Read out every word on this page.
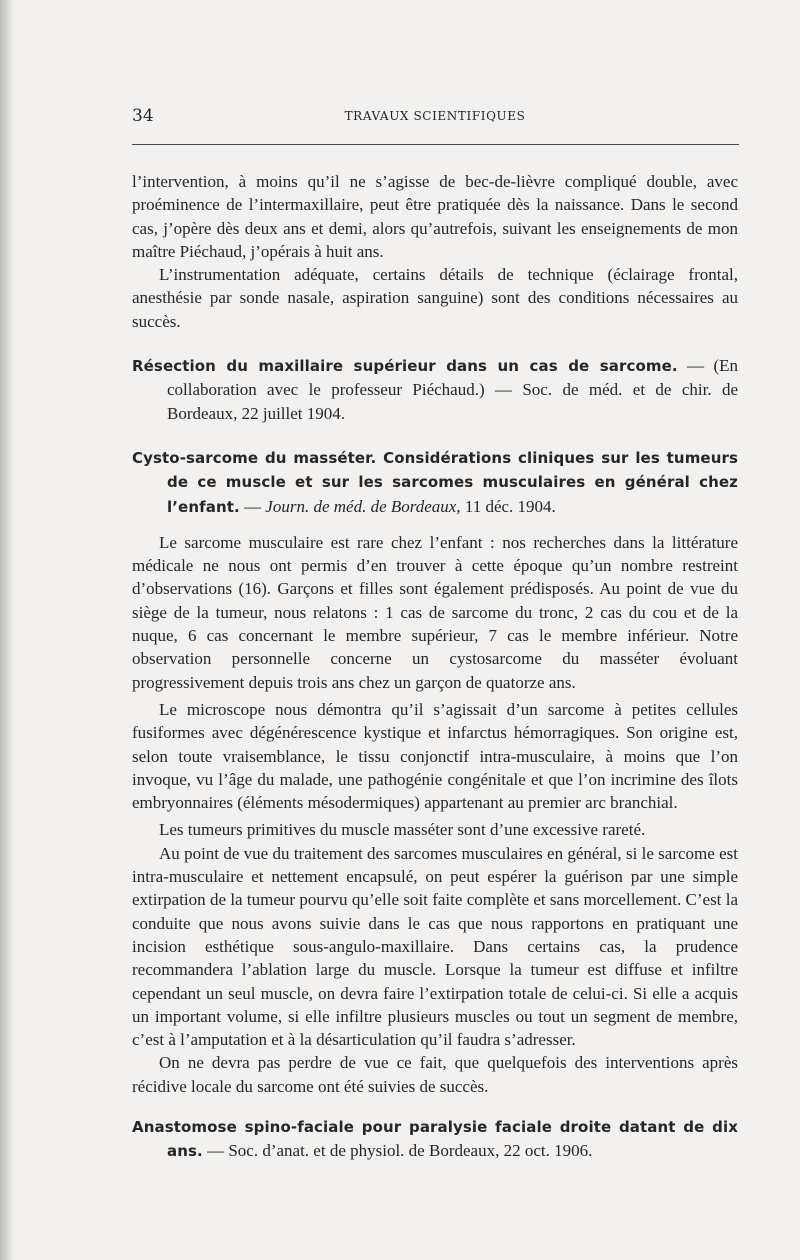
34	TRAVAUX SCIENTIFIQUES

l’intervention, à moins qu’il ne s’agisse de bec-de-lièvre compliqué double, avec proéminence de l’intermaxillaire, peut être pratiquée dès la naissance. Dans le second cas, j’opère dès deux ans et demi, alors qu’autrefois, suivant les enseignements de mon maître Piéchaud, j’opérais à huit ans.

L’instrumentation adéquate, certains détails de technique (éclairage frontal, anesthésie par sonde nasale, aspiration sanguine) sont des conditions nécessaires au succès.

Résection du maxillaire supérieur dans un cas de sarcome. — (En collaboration avec le professeur Piéchaud.) — Soc. de méd. et de chir. de Bordeaux, 22 juillet 1904.

Cysto-sarcome du masséter. Considérations cliniques sur les tumeurs de ce muscle et sur les sarcomes musculaires en général chez l’enfant. — Journ. de méd. de Bordeaux, 11 déc. 1904.

Le sarcome musculaire est rare chez l’enfant : nos recherches dans la littérature médicale ne nous ont permis d’en trouver à cette époque qu’un nombre restreint d’observations (16). Garçons et filles sont également prédisposés. Au point de vue du siège de la tumeur, nous relatons : 1 cas de sarcome du tronc, 2 cas du cou et de la nuque, 6 cas concernant le membre supérieur, 7 cas le membre inférieur. Notre observation personnelle concerne un cystosarcome du masséter évoluant progressivement depuis trois ans chez un garçon de quatorze ans.

Le microscope nous démontra qu’il s’agissait d’un sarcome à petites cellules fusiformes avec dégénérescence kystique et infarctus hémorragiques. Son origine est, selon toute vraisemblance, le tissu conjonctif intra-musculaire, à moins que l’on invoque, vu l’âge du malade, une pathogénie congénitale et que l’on incrimine des îlots embryonnaires (éléments mésodermiques) appartenant au premier arc branchial.

Les tumeurs primitives du muscle masséter sont d’une excessive rareté.

Au point de vue du traitement des sarcomes musculaires en général, si le sarcome est intra-musculaire et nettement encapsulé, on peut espérer la guérison par une simple extirpation de la tumeur pourvu qu’elle soit faite complète et sans morcellement. C’est la conduite que nous avons suivie dans le cas que nous rapportons en pratiquant une incision esthétique sous-angulo-maxillaire. Dans certains cas, la prudence recommandera l’ablation large du muscle. Lorsque la tumeur est diffuse et infiltre cependant un seul muscle, on devra faire l’extirpation totale de celui-ci. Si elle a acquis un important volume, si elle infiltre plusieurs muscles ou tout un segment de membre, c’est à l’amputation et à la désarticulation qu’il faudra s’adresser.

On ne devra pas perdre de vue ce fait, que quelquefois des interventions après récidive locale du sarcome ont été suivies de succès.

Anastomose spino-faciale pour paralysie faciale droite datant de dix ans. — Soc. d’anat. et de physiol. de Bordeaux, 22 oct. 1906.
